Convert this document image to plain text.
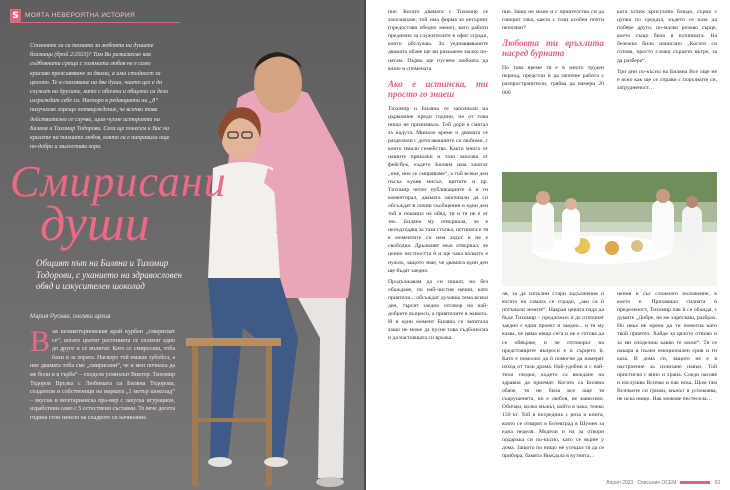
S МОЯТА НЕВЕРОЯТНА ИСТОРИЯ

Спомняте ли си темата за любовта на душите близнаци (брой 2/2023)? Там Ви разказахме как съдбовната среща с голямата любов не е само красиво преживяване за двама, а има стойност за цялото. Те в съюзяване на две души, чиито цел е да служат на другите, като с обичта и общото си дело изграждат себе си. Наскоро в редакцията ни „8“ получихме горещо потвърждение, че всичко това действително се случва, щом чухме историята на Биляна и Тихомир Тодорови. Сега ще понесем и Вас на крилете на тяхната любов, която ги е направила още по-добри и милостиви хора.

Смирисани
души

Общият път на Биляна и Тихомир Тодорови, с уханието на здравословен обяд и изкусителен шоколад

Мария Русева, снимки архив

В ъв великотърновския край курбан „смирисват се“, когато цъвтят растенията се сплитат едно до друго и се вплитат. Като се смиросиш, тоба бахи и за хората. Наскоро той имаше зубобол, а ние двамата тоба сме „смирисани“, че и мен почнаха да ме боли и в гърба“ – споделя усмихнат Виктор. Тихомир Тодоров Връзка с Любимата си Биляна Тодорова, създатели и собственици на марката „1 метър шоколад“ – вкусна и вегетарианска пра-мер с закуска игурацион, изработени само с 5 естествени съставки. Те вече десета година стои начело на сладкото си начинание.

ние. Когато двамата с Тихомир се запознахме, той има фирма за кетъринг (предоставя обедно меню), като работи предимно за служителите в офис сгради, които обслужва. За уеднаквяваните двамата обаче ще ви разкажем малко по-натам. Първо ще пуснем любовта да влезе в спомената.

Ако е истинска, ти просто го знаеш

Тихомир и Биляна се запознали на църковние преди години, но от това нищо не признавало. Той дори я смятал за надута. Минало време и двамата се разделили с дотогавашните си любими, с които имали семейства. Както много от нашите приказки и тази започва от фейсбук, където Биляна има хаштаг „ние, ние се смиряваме“, а той всеки ден пъска куъвв мисъл, щитати и пр. Тихомир четял публикациите ѝ и ги коментирал, двамата започнали да си обсъждат в лични съобщения и един ден той я поканил на обяд, ти и тя не е от тях. Биляна му отвърнала, че е неподходящ за тази стъпка, истината е тя в моментите си има задът и не е свободна. Дръжкият мъж отвърнал, че ценно честността ѝ и ще чака колкото е нужно, защото знае, че двамата един ден ще бъдат заедно.

Продължавам да си пишат, но без обаждане, по най-чистия начин, като приятели... обсъждат духовна тема всеки ден, търсят заедно отговор на най-добрите въпроси, а приятелите в живота. И в един момент Биляна се запитала защо не може да пусне това съдбоносна и да настоящата си връзка.

ние. Защо не може и с приятелство си да говорят така, както с този особен почти непознат?

Любовта ти връхлита насред бурната

По това време тя е в много труден период, предстои ѝ да започне работа с разпространители, трябва да намери 20 000

ката ъглеж кристално блюдо, сърце с цупка по средата, където се каза да побере друго, по-малко розово сърце, което също било в купичката. На бележка било написано „Когато си готова, просто сложи сърцето вътре, за да разбера“.

Три дни по-късно на Биляна Все още не е ясно как ще се справи с поръчките си, затрудненост…

лв, за да изпълни стари задължения и когато на самата се сгради, „ако са ѝ потънали земите“. Накрая цената пада да бъде Тихомир – предложил ѝ да отпочнат заедно с един проект и заедно... и тя му казва, че няма нещо сега и не е готова да се обвърже, и че отговорът на предстоящите въпроси е в сърцето ѝ. Като е помолил да ѝ помогне да намерят изход от тази драма. Най-удобни и с най-тихи гледки, където са виждане на здравна да приемат. Когато са Биляна обаче, тя не била все още тя съкрушенета, но е любов, не зависимо. Обичам, колко мъжът, който я чака, тежко 150 кг. Той в посредник с роза и книга, която се отварят в Ботевград в Шумен за една неделя. Модели и на за отвори подаръка си по-късно, като се върне у дома. Защото по нищо не усещал тя да се прибира, бамята Виждала в кутията…

нения и със сложнато положение, в което е. Прихванал силната ѝ пределеност, Тихомир пак ѝ се обажда, с думите „Добре, не ме харесваш, разбрах. Но нека не пречи да ти помогна като твой приятел. Хайде за цялото отново и за ми споделиш какво те мъчи“. Тя се накара в пълен емоционален срив и ги каза. В дома си, защото не е в настроение за излизане навън. Той пристигна с вино и храна. Следи часове и изслушва Всичко и пак иска. Щом там Всичките си грижи, мъжът я успокоява, не иска нищо. Нак можове пестесела…

Април 2023 Списание ОСЕМ	93
